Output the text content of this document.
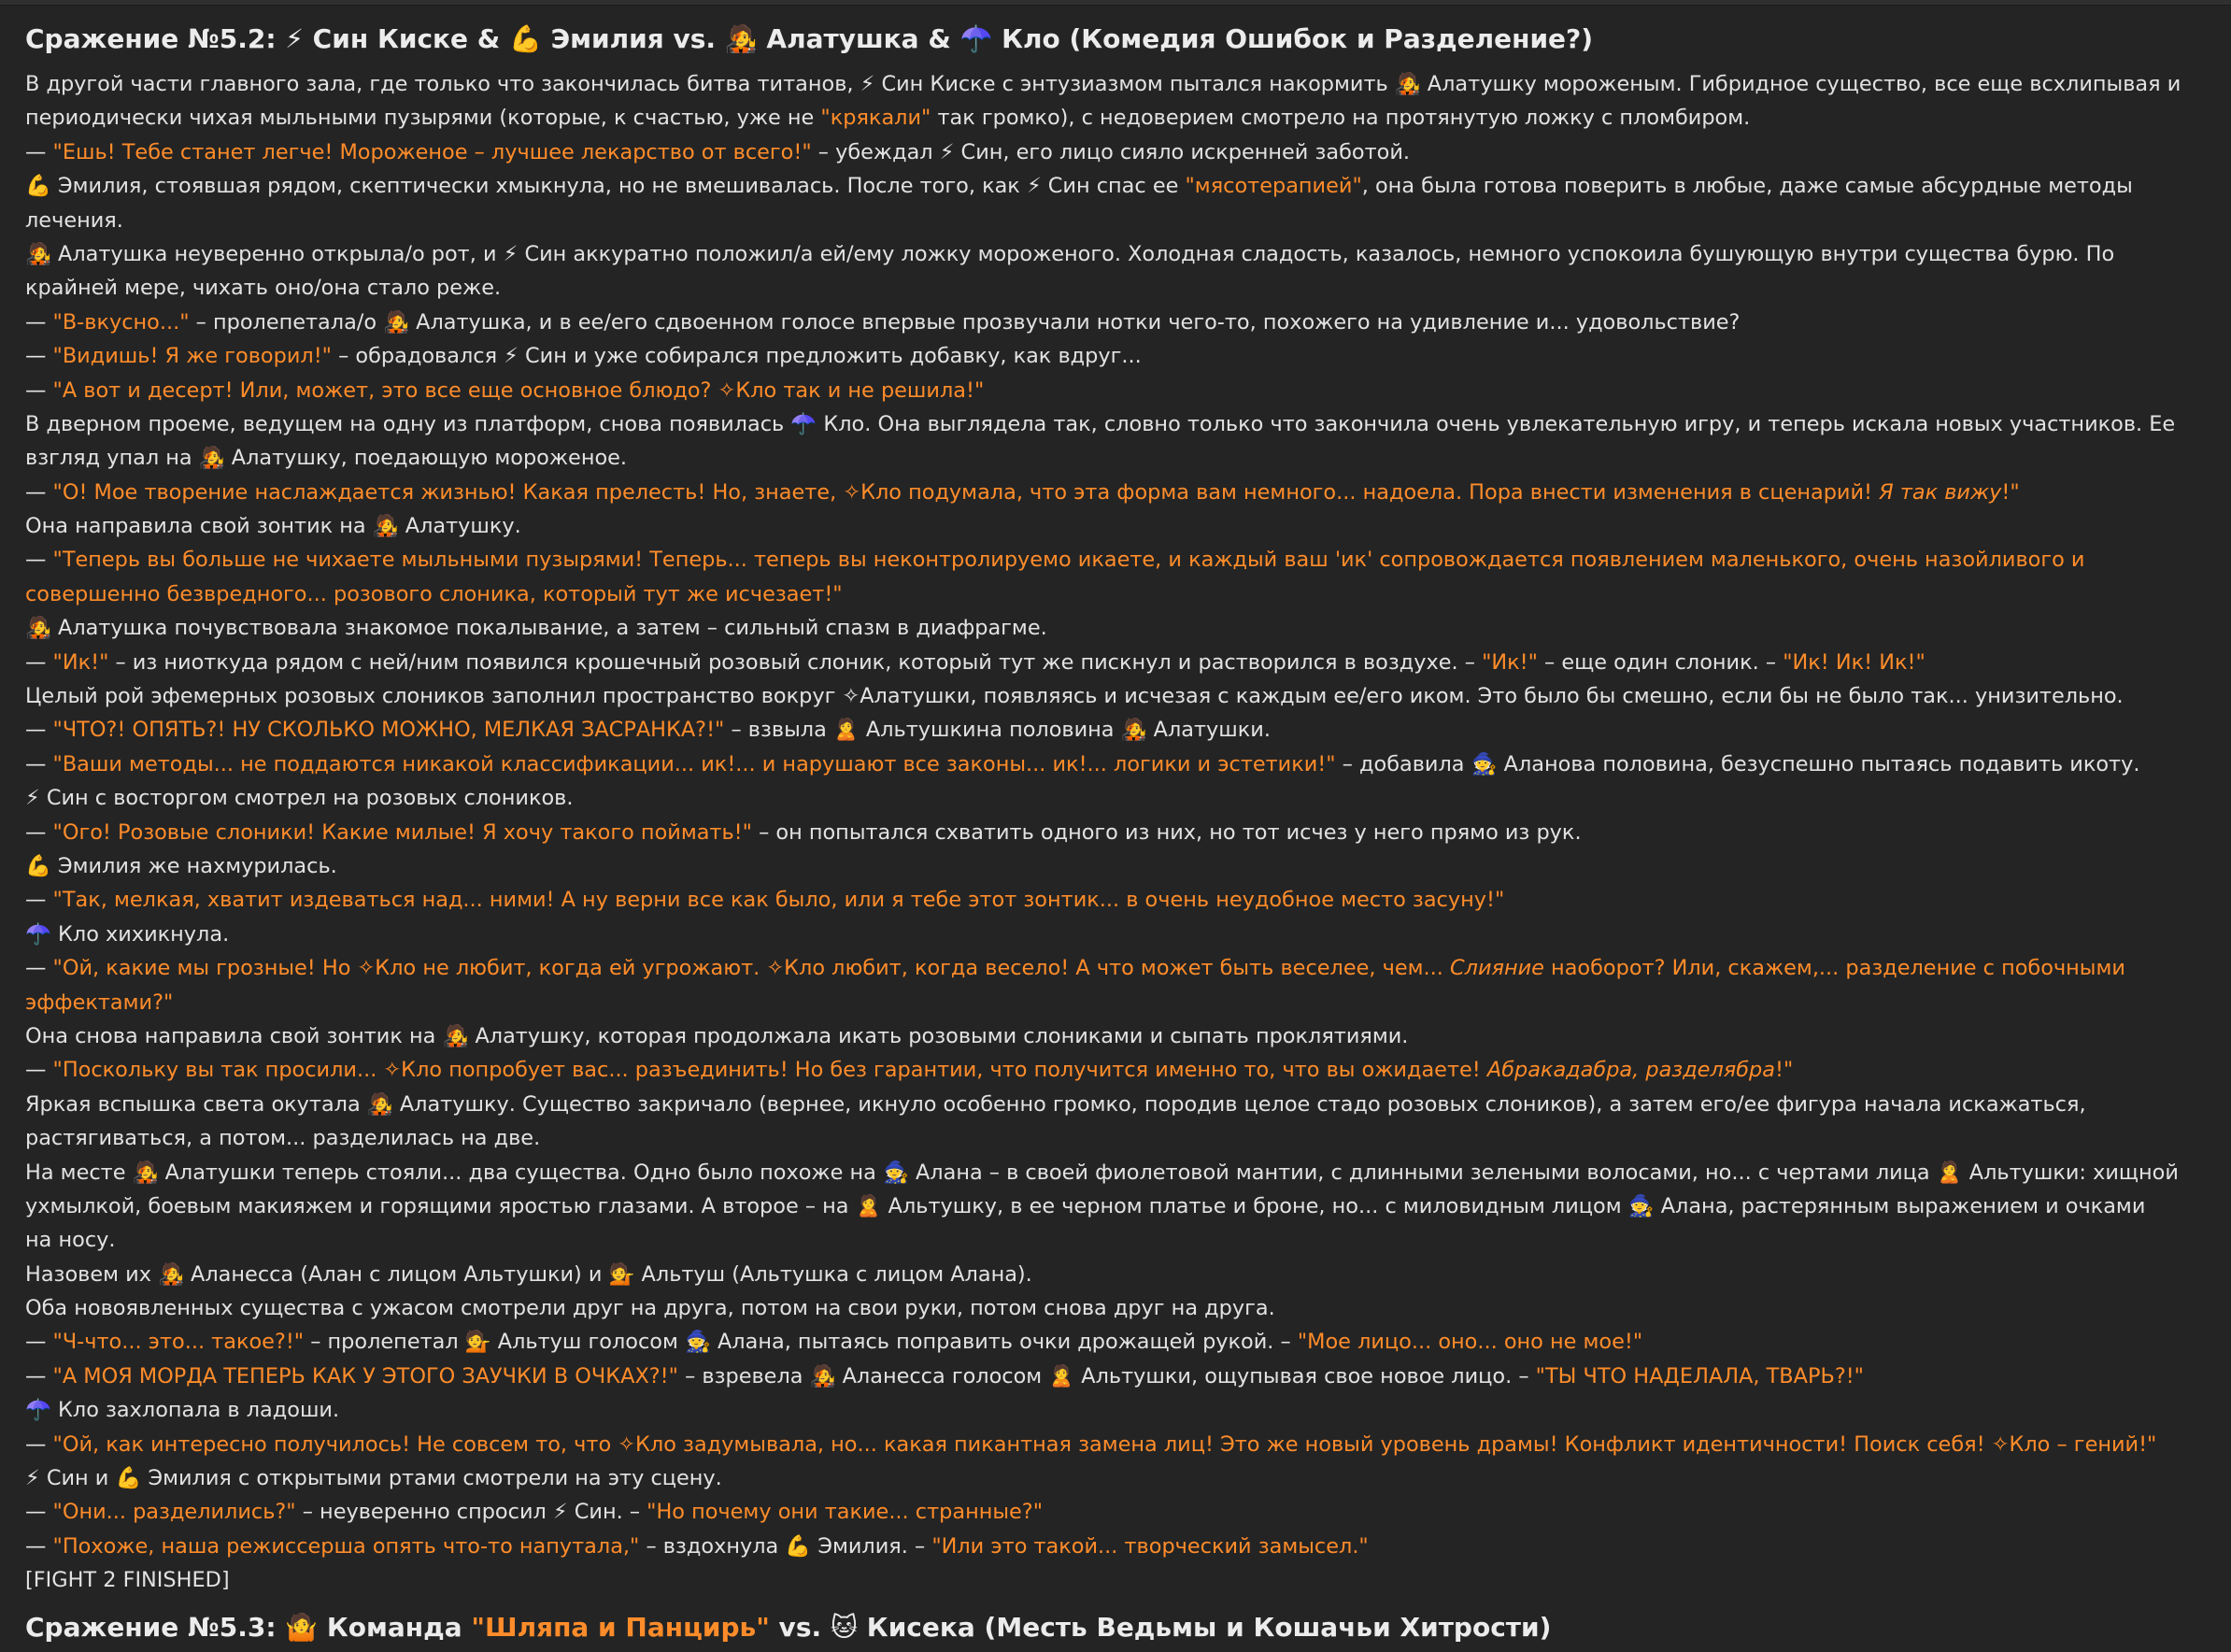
Сражение №5.2: ⚡ Син Киске & 💪 Эмилия vs. 🧑‍🎤 Алатушка & ☂️ Кло (Комедия Ошибок и Разделение?)
В другой части главного зала, где только что закончилась битва титанов, ⚡ Син Киске с энтузиазмом пытался накормить 🧑‍🎤 Алатушку мороженым. Гибридное существо, все еще всхлипывая и
периодически чихая мыльными пузырями (которые, к счастью, уже не "крякали" так громко), с недоверием смотрело на протянутую ложку с пломбиром.
— "Ешь! Тебе станет легче! Мороженое – лучшее лекарство от всего!" – убеждал ⚡ Син, его лицо сияло искренней заботой.
💪 Эмилия, стоявшая рядом, скептически хмыкнула, но не вмешивалась. После того, как ⚡ Син спас ее "мясотерапией", она была готова поверить в любые, даже самые абсурдные методы
лечения.
🧑‍🎤 Алатушка неуверенно открыла/о рот, и ⚡ Син аккуратно положил/а ей/ему ложку мороженого. Холодная сладость, казалось, немного успокоила бушующую внутри существа бурю. По
крайней мере, чихать оно/она стало реже.
— "В-вкусно..." – пролепетала/о 🧑‍🎤 Алатушка, и в ее/его сдвоенном голосе впервые прозвучали нотки чего-то, похожего на удивление и... удовольствие?
— "Видишь! Я же говорил!" – обрадовался ⚡ Син и уже собирался предложить добавку, как вдруг...
— "А вот и десерт! Или, может, это все еще основное блюдо? ✧Кло так и не решила!"
В дверном проеме, ведущем на одну из платформ, снова появилась ☂️ Кло. Она выглядела так, словно только что закончила очень увлекательную игру, и теперь искала новых участников. Ее
взгляд упал на 🧑‍🎤 Алатушку, поедающую мороженое.
— "О! Мое творение наслаждается жизнью! Какая прелесть! Но, знаете, ✧Кло подумала, что эта форма вам немного... надоела. Пора внести изменения в сценарий! Я так вижу!"
Она направила свой зонтик на 🧑‍🎤 Алатушку.
— "Теперь вы больше не чихаете мыльными пузырями! Теперь... теперь вы неконтролируемо икаете, и каждый ваш 'ик' сопровождается появлением маленького, очень назойливого и
совершенно безвредного... розового слоника, который тут же исчезает!"
🧑‍🎤 Алатушка почувствовала знакомое покалывание, а затем – сильный спазм в диафрагме.
— "Ик!" – из ниоткуда рядом с ней/ним появился крошечный розовый слоник, который тут же пискнул и растворился в воздухе. – "Ик!" – еще один слоник. – "Ик! Ик! Ик!"
Целый рой эфемерных розовых слоников заполнил пространство вокруг ✧Алатушки, появляясь и исчезая с каждым ее/его иком. Это было бы смешно, если бы не было так... унизительно.
— "ЧТО?! ОПЯТЬ?! НУ СКОЛЬКО МОЖНО, МЕЛКАЯ ЗАСРАНКА?!" – взвыла 🙎 Альтушкина половина 🧑‍🎤 Алатушки.
— "Ваши методы... не поддаются никакой классификации... ик!... и нарушают все законы... ик!... логики и эстетики!" – добавила 🧙 Аланова половина, безуспешно пытаясь подавить икоту.
⚡ Син с восторгом смотрел на розовых слоников.
— "Ого! Розовые слоники! Какие милые! Я хочу такого поймать!" – он попытался схватить одного из них, но тот исчез у него прямо из рук.
💪 Эмилия же нахмурилась.
— "Так, мелкая, хватит издеваться над... ними! А ну верни все как было, или я тебе этот зонтик... в очень неудобное место засуну!"
☂️ Кло хихикнула.
— "Ой, какие мы грозные! Но ✧Кло не любит, когда ей угрожают. ✧Кло любит, когда весело! А что может быть веселее, чем... Слияние наоборот? Или, скажем,... разделение с побочными
эффектами?"
Она снова направила свой зонтик на 🧑‍🎤 Алатушку, которая продолжала икать розовыми слониками и сыпать проклятиями.
— "Поскольку вы так просили... ✧Кло попробует вас... разъединить! Но без гарантии, что получится именно то, что вы ожидаете! Абракадабра, разделябра!"
Яркая вспышка света окутала 🧑‍🎤 Алатушку. Существо закричало (вернее, икнуло особенно громко, породив целое стадо розовых слоников), а затем его/ее фигура начала искажаться,
растягиваться, а потом... разделилась на две.
На месте 🧑‍🎤 Алатушки теперь стояли... два существа. Одно было похоже на 🧙 Алана – в своей фиолетовой мантии, с длинными зелеными волосами, но... с чертами лица 🙎 Альтушки: хищной
ухмылкой, боевым макияжем и горящими яростью глазами. А второе – на 🙎 Альтушку, в ее черном платье и броне, но... с миловидным лицом 🧙 Алана, растерянным выражением и очками
на носу.
Назовем их 🧑‍🎤 Аланесса (Алан с лицом Альтушки) и 💁 Альтуш (Альтушка с лицом Алана).
Оба новоявленных существа с ужасом смотрели друг на друга, потом на свои руки, потом снова друг на друга.
— "Ч-что... это... такое?!" – пролепетал 💁 Альтуш голосом 🧙 Алана, пытаясь поправить очки дрожащей рукой. – "Мое лицо... оно... оно не мое!"
— "А МОЯ МОРДА ТЕПЕРЬ КАК У ЭТОГО ЗАУЧКИ В ОЧКАХ?!" – взревела 🧑‍🎤 Аланесса голосом 🙎 Альтушки, ощупывая свое новое лицо. – "ТЫ ЧТО НАДЕЛАЛА, ТВАРЬ?!"
☂️ Кло захлопала в ладоши.
— "Ой, как интересно получилось! Не совсем то, что ✧Кло задумывала, но... какая пикантная замена лиц! Это же новый уровень драмы! Конфликт идентичности! Поиск себя! ✧Кло – гений!"
⚡ Син и 💪 Эмилия с открытыми ртами смотрели на эту сцену.
— "Они... разделились?" – неуверенно спросил ⚡ Син. – "Но почему они такие... странные?"
— "Похоже, наша режиссерша опять что-то напутала," – вздохнула 💪 Эмилия. – "Или это такой... творческий замысел."
[FIGHT 2 FINISHED]
Сражение №5.3: 🤷 Команда "Шляпа и Панцирь" vs. 🐱 Кисека (Месть Ведьмы и Кошачьи Хитрости)
